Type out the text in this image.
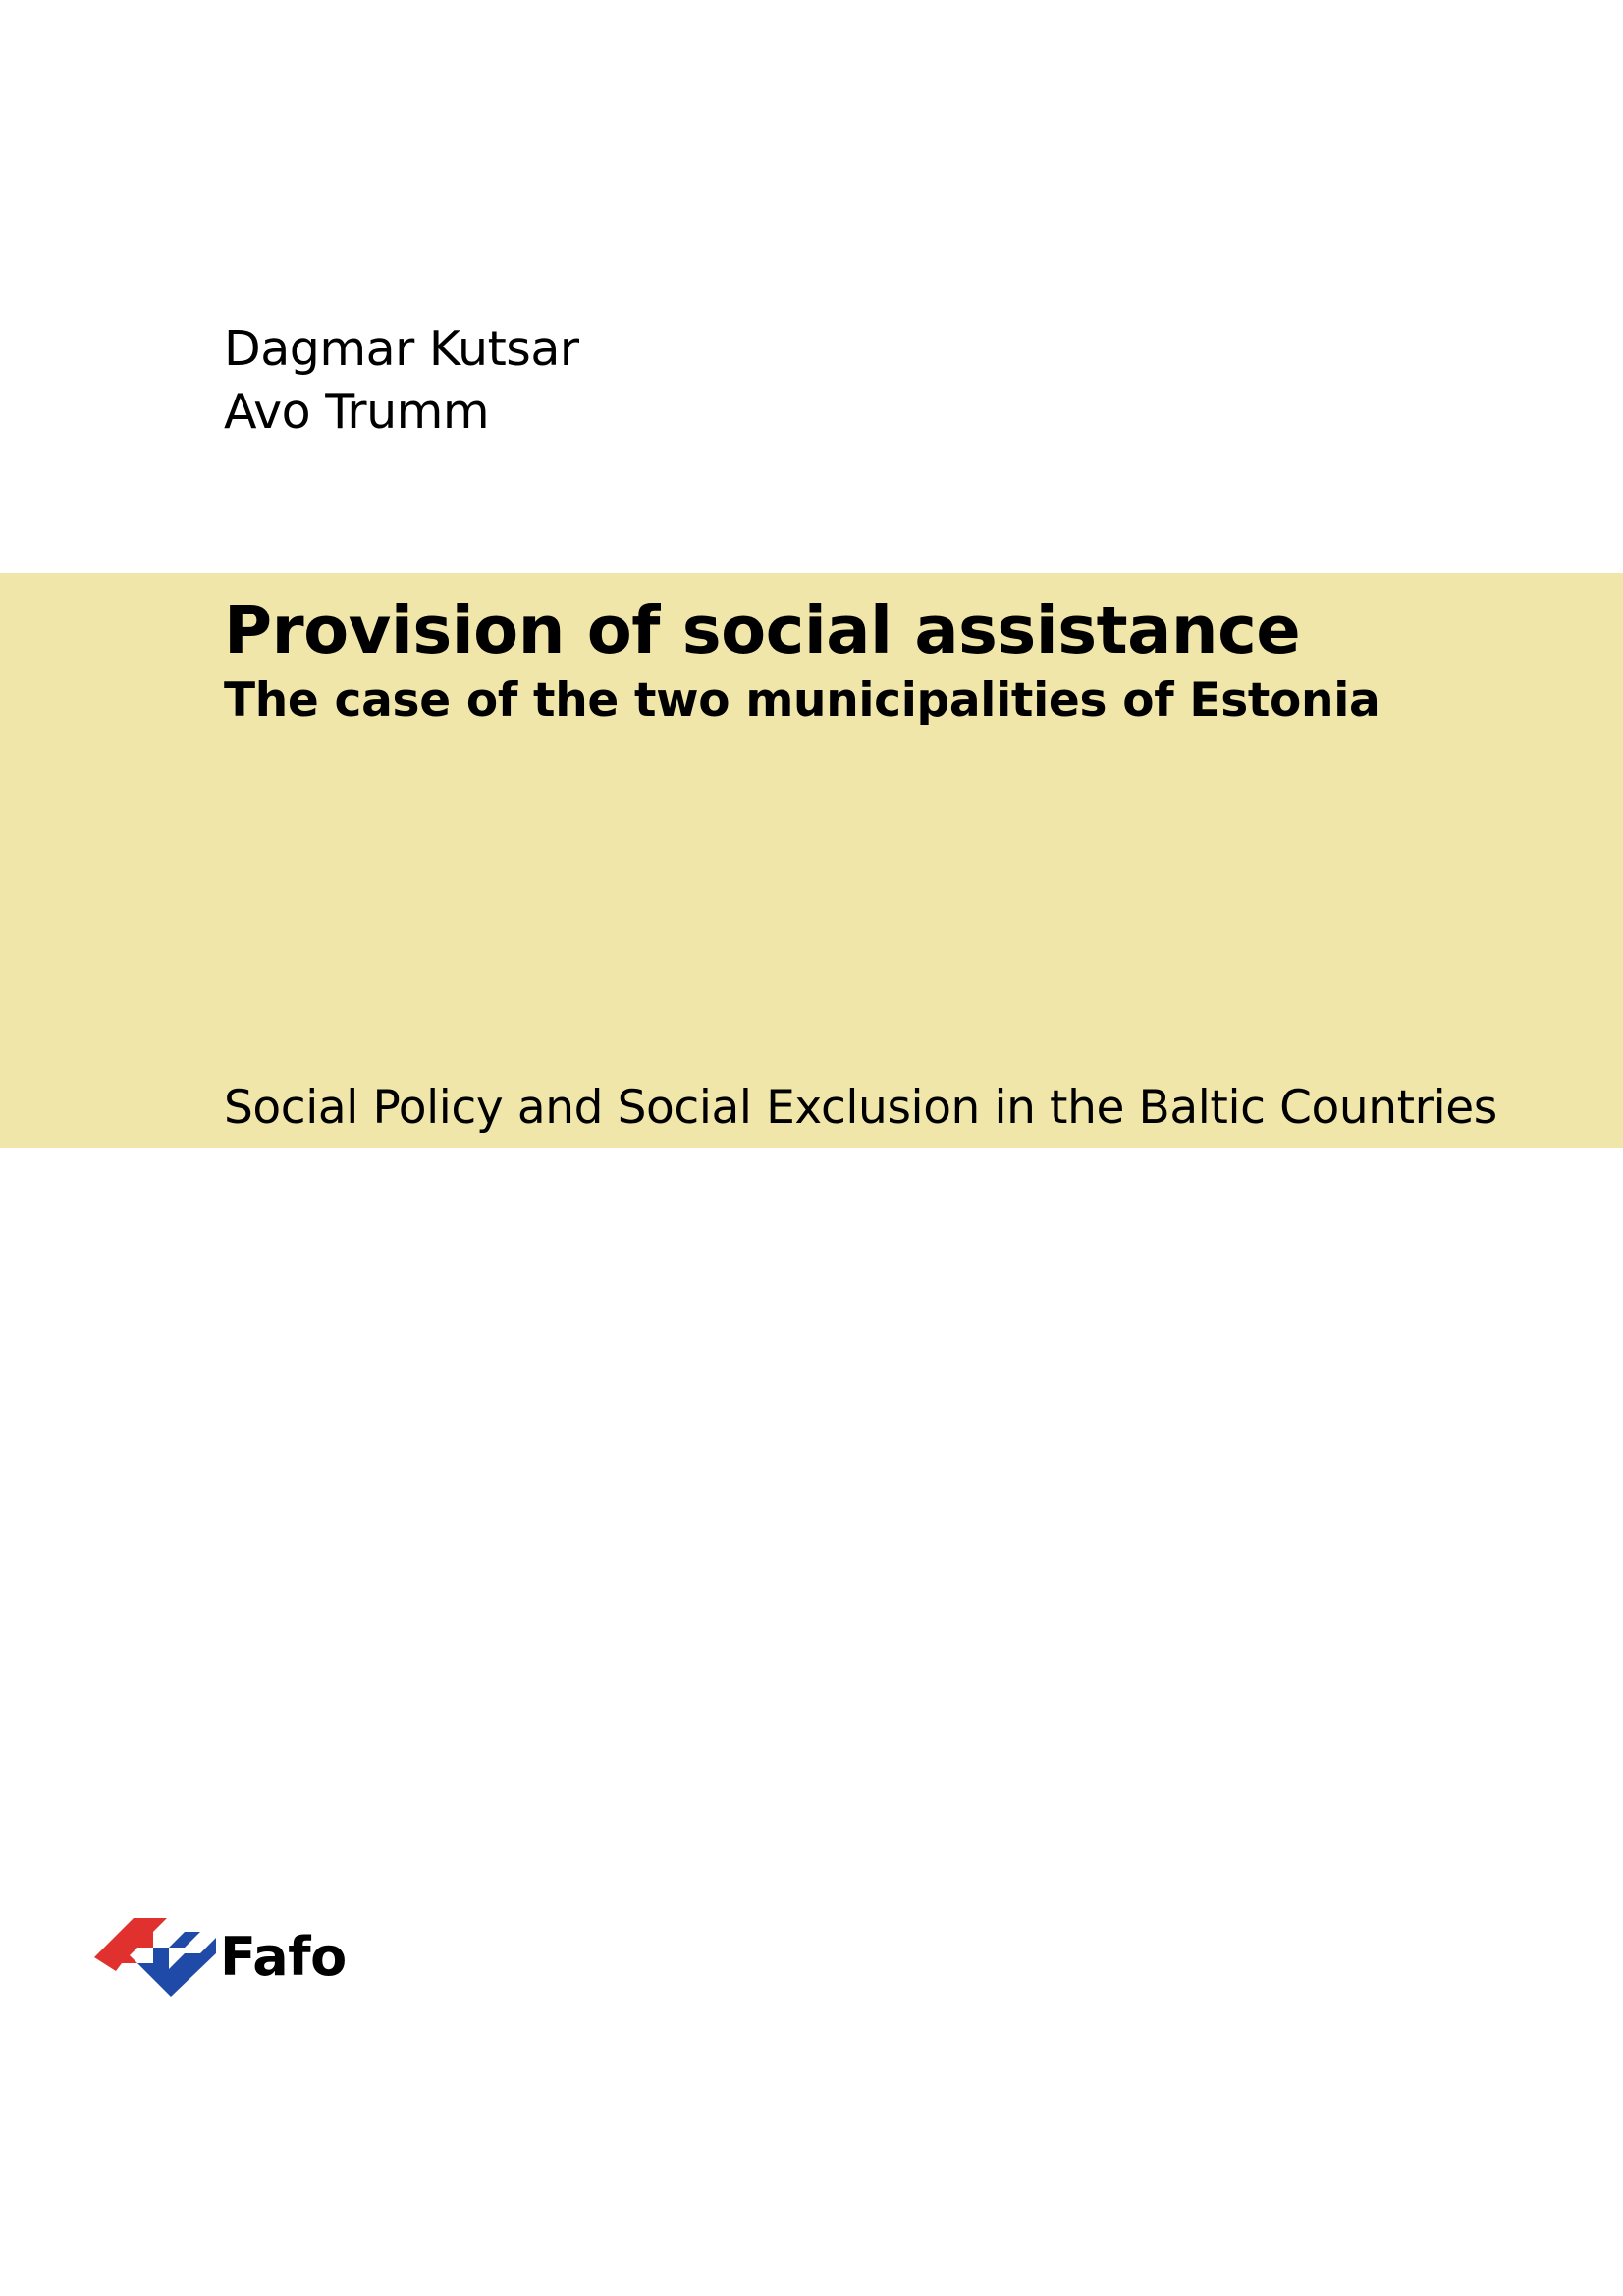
Dagmar Kutsar
Avo Trumm
Provision of social assistance
The case of the two municipalities of Estonia

Social Policy and Social Exclusion in the Baltic Countries

Fafo
